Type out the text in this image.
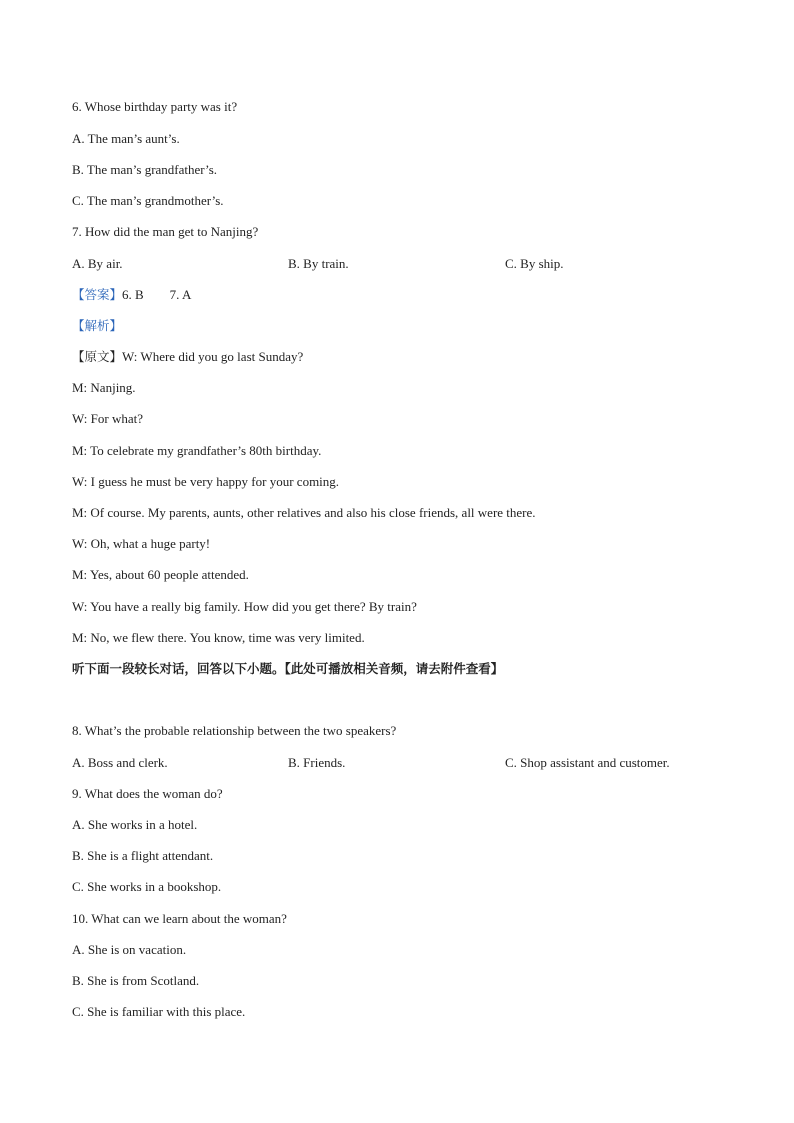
6. Whose birthday party was it?
A. The man’s aunt’s.
B. The man’s grandfather’s.
C. The man’s grandmother’s.
7. How did the man get to Nanjing?
A. By air.	B. By train.	C. By ship.
【答案】6. B        7. A
【解析】
【原文】W: Where did you go last Sunday?
M: Nanjing.
W: For what?
M: To celebrate my grandfather’s 80th birthday.
W: I guess he must be very happy for your coming.
M: Of course. My parents, aunts, other relatives and also his close friends, all were there.
W: Oh, what a huge party!
M: Yes, about 60 people attended.
W: You have a really big family. How did you get there? By train?
M: No, we flew there. You know, time was very limited.
听下面一段较长对话，回答以下小题。【此处可播放相关音频，请去附件查看】
8. What’s the probable relationship between the two speakers?
A. Boss and clerk.	B. Friends.	C. Shop assistant and customer.
9. What does the woman do?
A. She works in a hotel.
B. She is a flight attendant.
C. She works in a bookshop.
10. What can we learn about the woman?
A. She is on vacation.
B. She is from Scotland.
C. She is familiar with this place.
